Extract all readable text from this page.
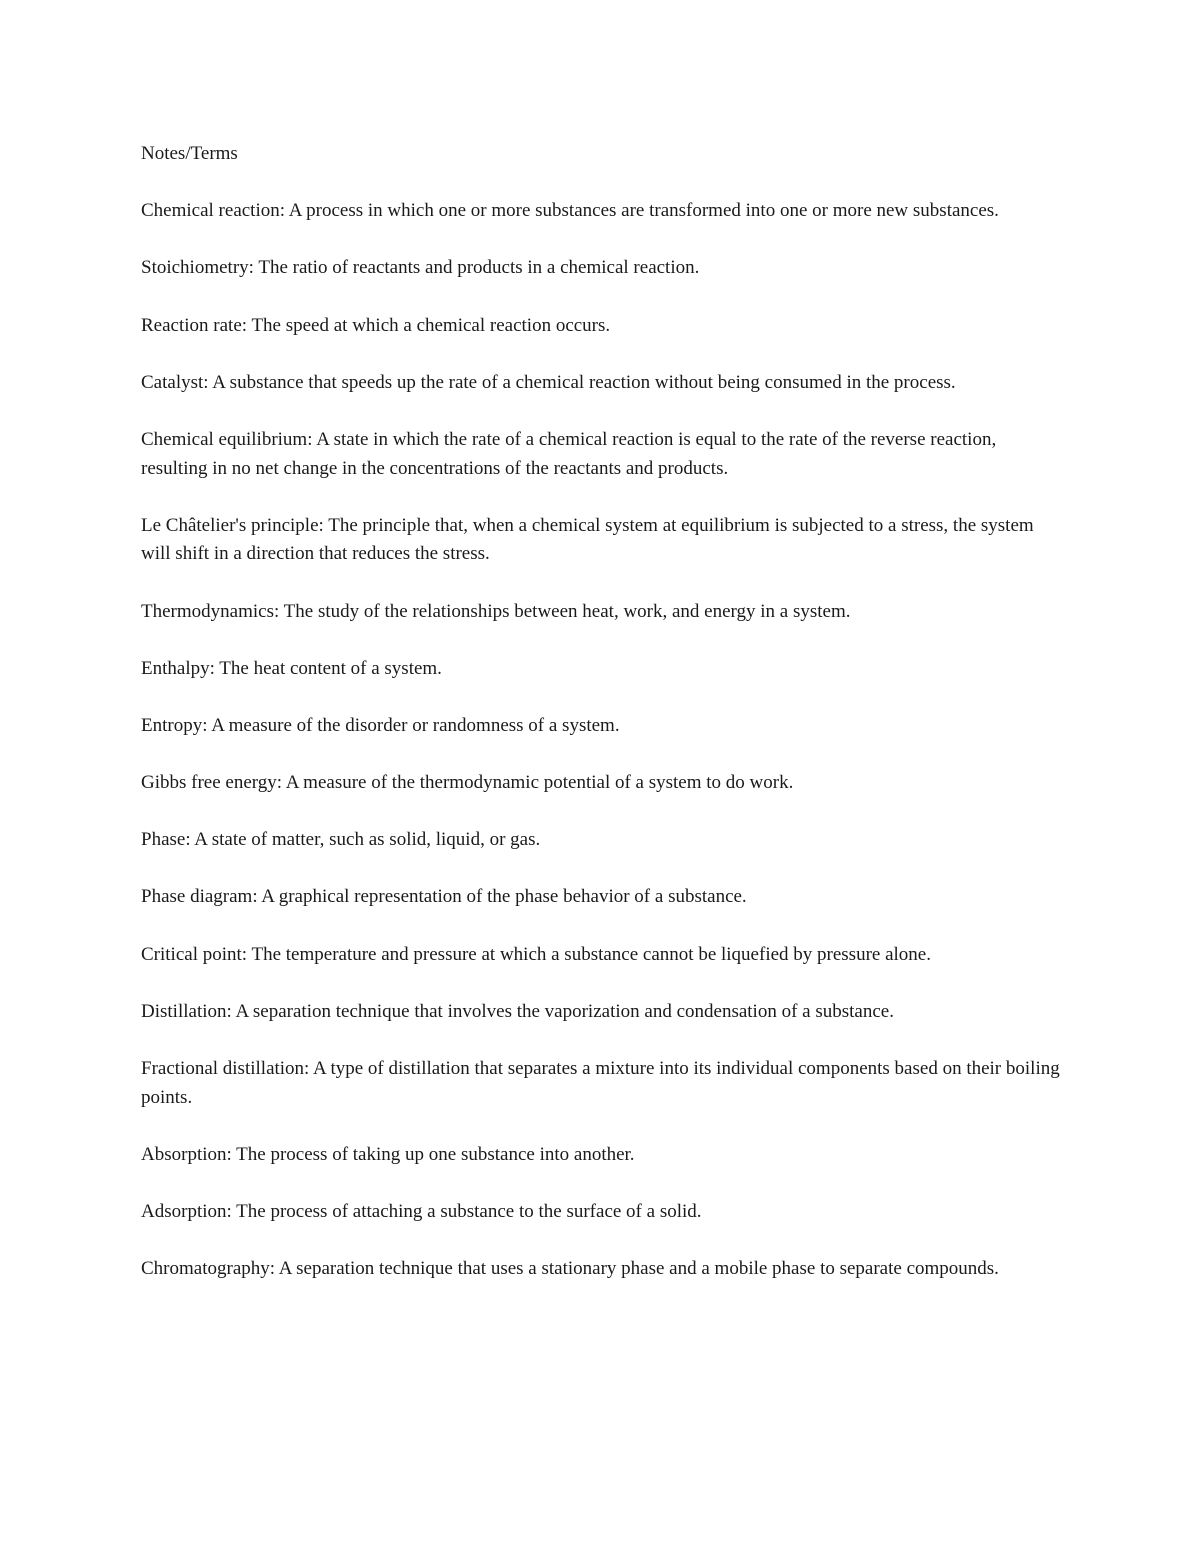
Notes/Terms

Chemical reaction: A process in which one or more substances are transformed into one or more new substances.

Stoichiometry: The ratio of reactants and products in a chemical reaction.

Reaction rate: The speed at which a chemical reaction occurs.

Catalyst: A substance that speeds up the rate of a chemical reaction without being consumed in the process.

Chemical equilibrium: A state in which the rate of a chemical reaction is equal to the rate of the reverse reaction, resulting in no net change in the concentrations of the reactants and products.

Le Châtelier's principle: The principle that, when a chemical system at equilibrium is subjected to a stress, the system will shift in a direction that reduces the stress.

Thermodynamics: The study of the relationships between heat, work, and energy in a system.

Enthalpy: The heat content of a system.

Entropy: A measure of the disorder or randomness of a system.

Gibbs free energy: A measure of the thermodynamic potential of a system to do work.

Phase: A state of matter, such as solid, liquid, or gas.

Phase diagram: A graphical representation of the phase behavior of a substance.

Critical point: The temperature and pressure at which a substance cannot be liquefied by pressure alone.

Distillation: A separation technique that involves the vaporization and condensation of a substance.

Fractional distillation: A type of distillation that separates a mixture into its individual components based on their boiling points.

Absorption: The process of taking up one substance into another.

Adsorption: The process of attaching a substance to the surface of a solid.

Chromatography: A separation technique that uses a stationary phase and a mobile phase to separate compounds.
